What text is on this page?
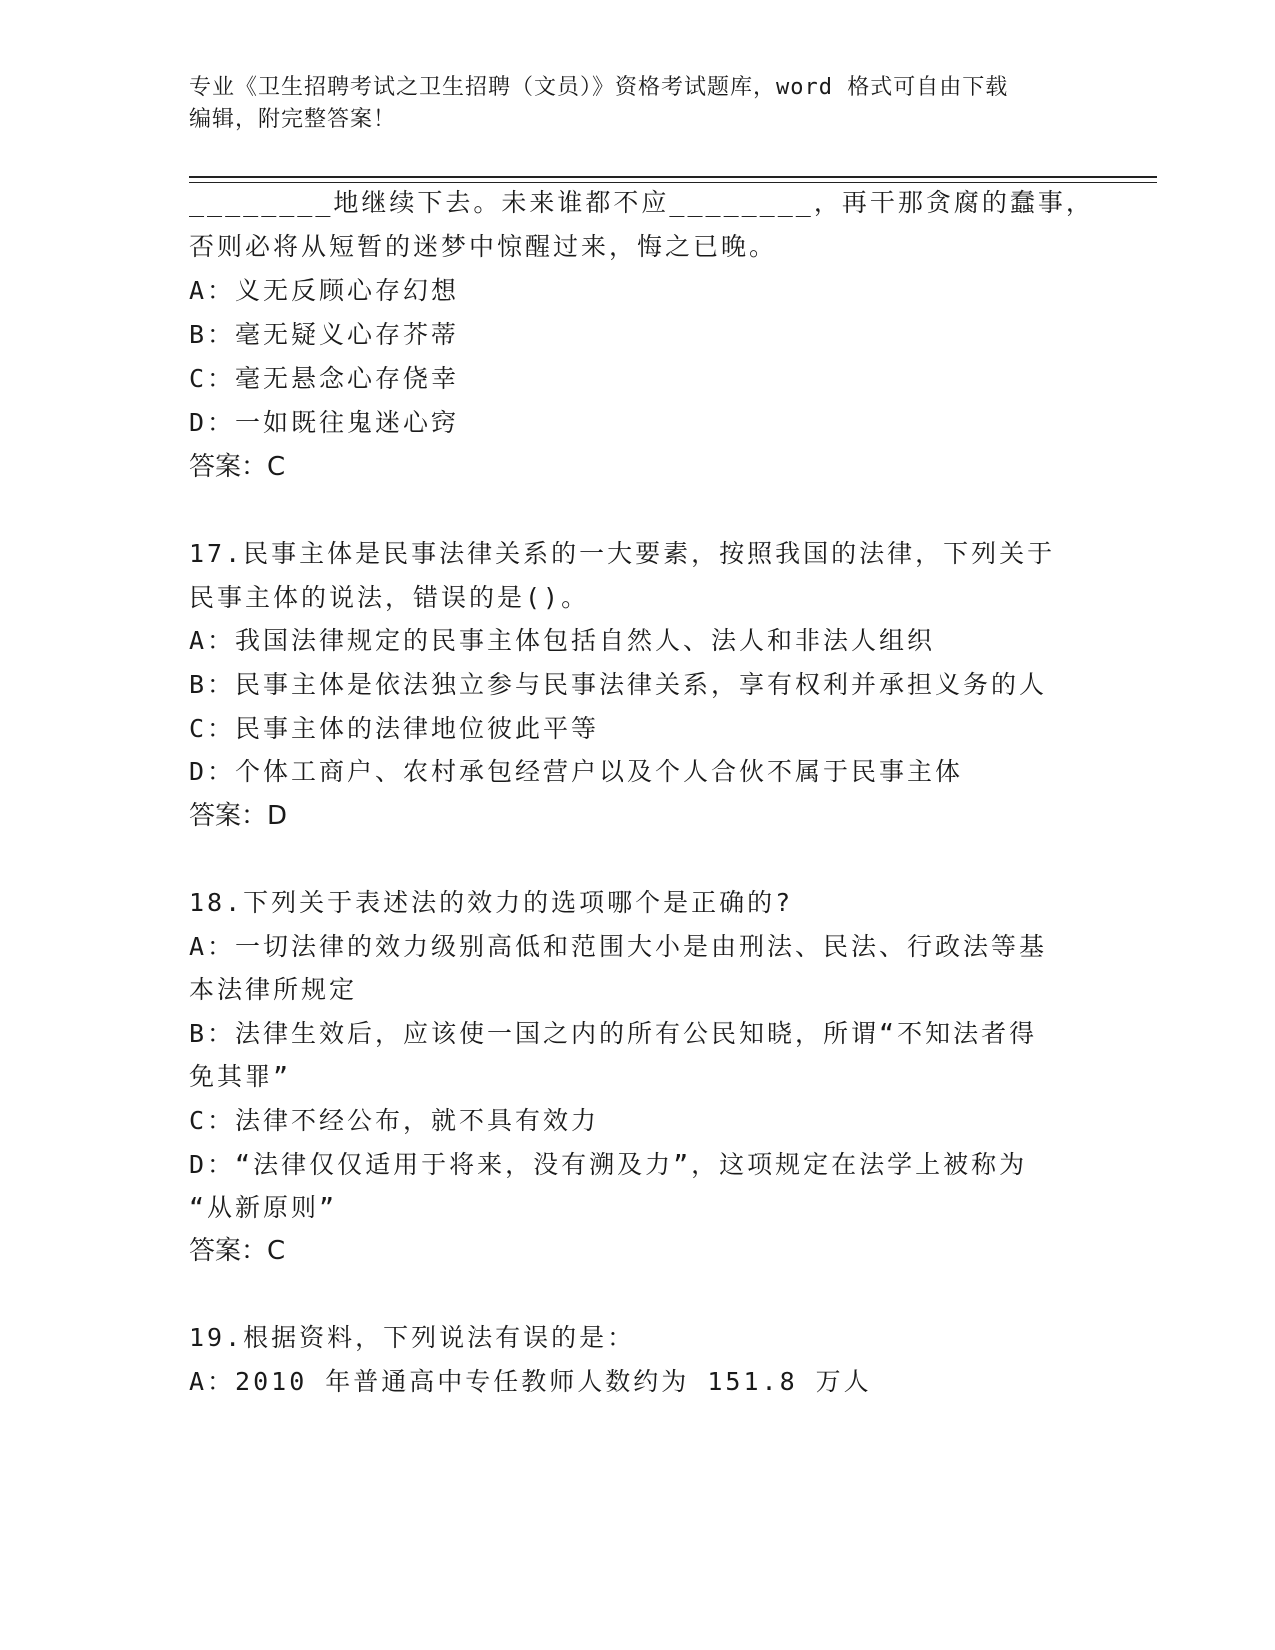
专业《卫生招聘考试之卫生招聘（文员）》资格考试题库，word 格式可自由下载
编辑，附完整答案！
________地继续下去。未来谁都不应________，再干那贪腐的蠢事，
否则必将从短暂的迷梦中惊醒过来，悔之已晚。
A：义无反顾心存幻想
B：毫无疑义心存芥蒂
C：毫无悬念心存侥幸
D：一如既往鬼迷心窍
答案：C
17.民事主体是民事法律关系的一大要素，按照我国的法律，下列关于
民事主体的说法，错误的是()。
A：我国法律规定的民事主体包括自然人、法人和非法人组织
B：民事主体是依法独立参与民事法律关系，享有权利并承担义务的人
C：民事主体的法律地位彼此平等
D：个体工商户、农村承包经营户以及个人合伙不属于民事主体
答案：D
18.下列关于表述法的效力的选项哪个是正确的?
A：一切法律的效力级别高低和范围大小是由刑法、民法、行政法等基
本法律所规定
B：法律生效后，应该使一国之内的所有公民知晓，所谓“不知法者得
免其罪”
C：法律不经公布，就不具有效力
D：“法律仅仅适用于将来，没有溯及力”，这项规定在法学上被称为
“从新原则”
答案：C
19.根据资料，下列说法有误的是：
A：2010 年普通高中专任教师人数约为 151.8 万人
